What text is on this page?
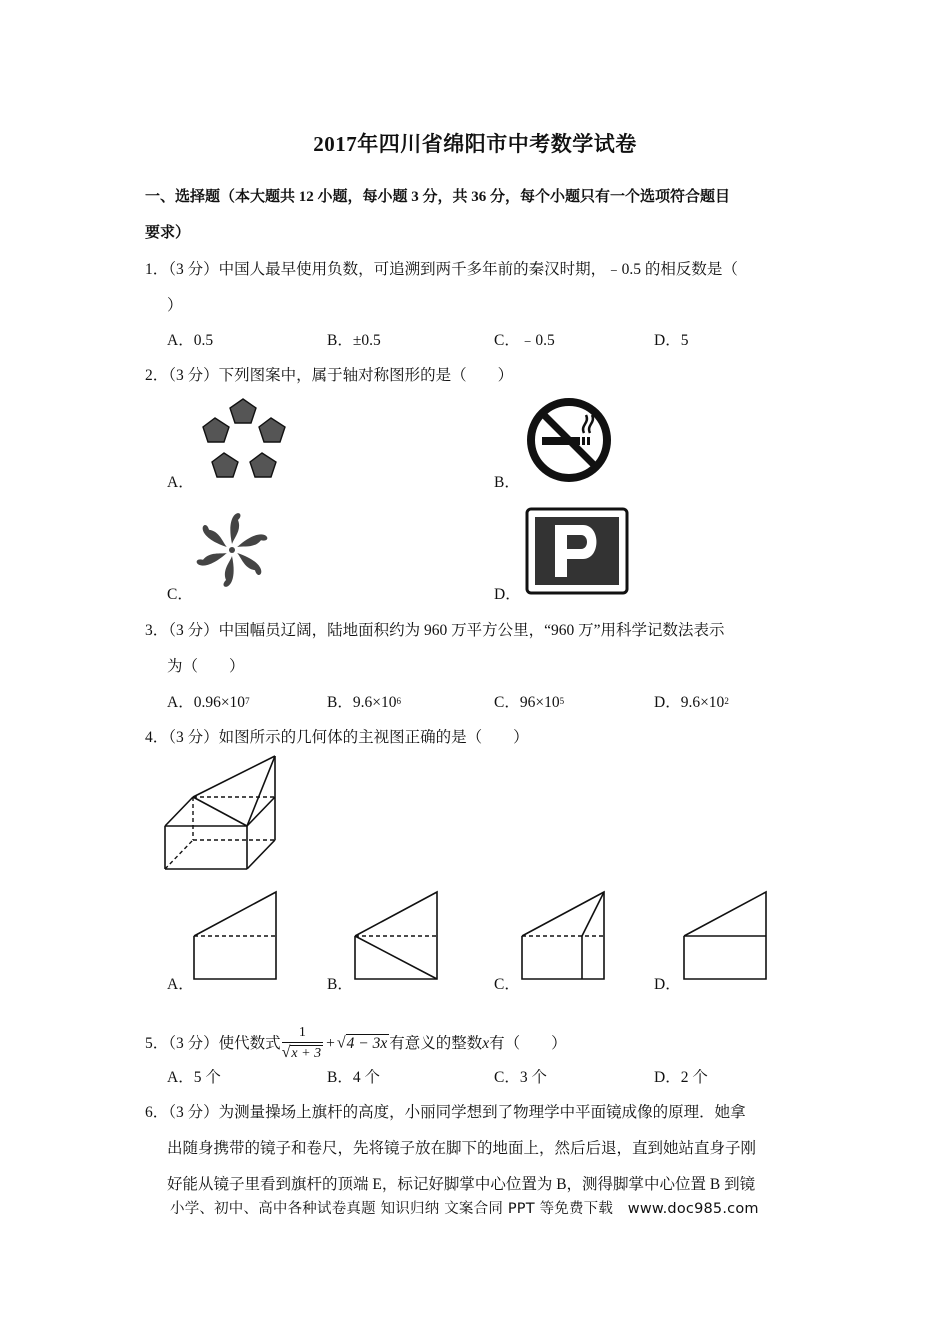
2017年四川省绵阳市中考数学试卷
一、选择题（本大题共 12 小题，每小题 3 分，共 36 分，每个小题只有一个选项符合题目
要求）
1．（3 分）中国人最早使用负数，可追溯到两千多年前的秦汉时期，﹣0.5 的相反数是（
）
A．0.5	B．±0.5	C．﹣0.5	D．5
2．（3 分）下列图案中，属于轴对称图形的是（　　）
A．	B．
C．	D．
3．（3 分）中国幅员辽阔，陆地面积约为 960 万平方公里，“960 万”用科学记数法表示
为（　　）
A．$0.96\times 10^7$	B．$9.6\times 10^6$	C．$96\times 10^5$	D．$9.6\times 10^2$
4．（3 分）如图所示的几何体的主视图正确的是（　　）
A．	B．	C．	D．
5．（3 分）使代数式 $\frac{1}{√x + 3} + √4 - 3x$ 有意义的整数x有（　　）
A．5 个	B．4 个	C．3 个	D．2 个
6．（3 分）为测量操场上旗杆的高度，小丽同学想到了物理学中平面镜成像的原理．她拿
出随身携带的镜子和卷尺，先将镜子放在脚下的地面上，然后后退，直到她站直身子刚
好能从镜子里看到旗杆的顶端 E，标记好脚掌中心位置为 B，测得脚掌中心位置 B 到镜
小学、初中、高中各种试卷真题 知识归纳 文案合同 PPT 等免费下载　www.doc985.com
